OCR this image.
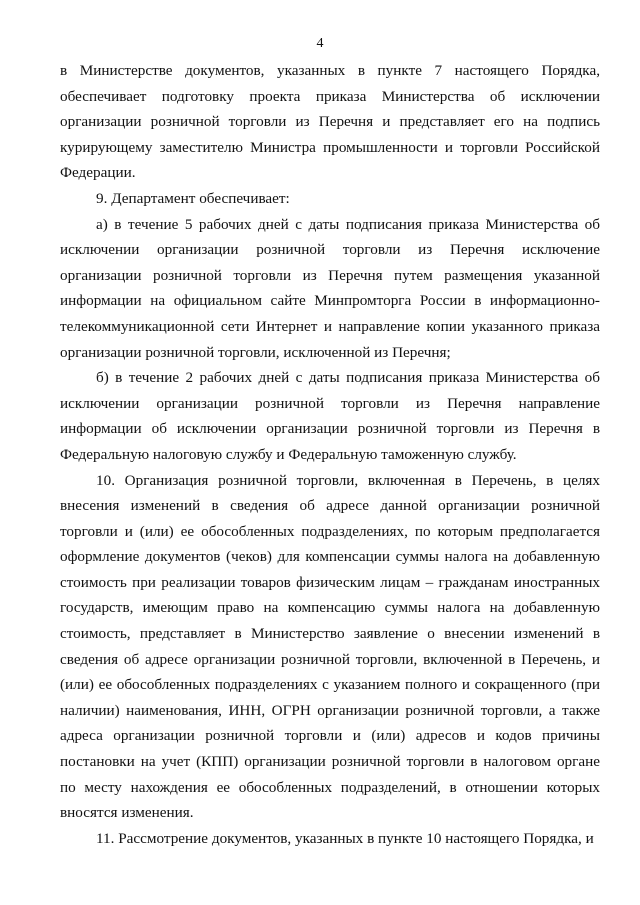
4

в Министерстве документов, указанных в пункте 7 настоящего Порядка, обеспечивает подготовку проекта приказа Министерства об исключении организации розничной торговли из Перечня и представляет его на подпись курирующему заместителю Министра промышленности и торговли Российской Федерации.

9. Департамент обеспечивает:

а) в течение 5 рабочих дней с даты подписания приказа Министерства об исключении организации розничной торговли из Перечня исключение организации розничной торговли из Перечня путем размещения указанной информации на официальном сайте Минпромторга России в информационно-телекоммуникационной сети Интернет и направление копии указанного приказа организации розничной торговли, исключенной из Перечня;

б) в течение 2 рабочих дней с даты подписания приказа Министерства об исключении организации розничной торговли из Перечня направление информации об исключении организации розничной торговли из Перечня в Федеральную налоговую службу и Федеральную таможенную службу.

10. Организация розничной торговли, включенная в Перечень, в целях внесения изменений в сведения об адресе данной организации розничной торговли и (или) ее обособленных подразделениях, по которым предполагается оформление документов (чеков) для компенсации суммы налога на добавленную стоимость при реализации товаров физическим лицам – гражданам иностранных государств, имеющим право на компенсацию суммы налога на добавленную стоимость, представляет в Министерство заявление о внесении изменений в сведения об адресе организации розничной торговли, включенной в Перечень, и (или) ее обособленных подразделениях с указанием полного и сокращенного (при наличии) наименования, ИНН, ОГРН организации розничной торговли, а также адреса организации розничной торговли и (или) адресов и кодов причины постановки на учет (КПП) организации розничной торговли в налоговом органе по месту нахождения ее обособленных подразделений, в отношении которых вносятся изменения.

11. Рассмотрение документов, указанных в пункте 10 настоящего Порядка, и
